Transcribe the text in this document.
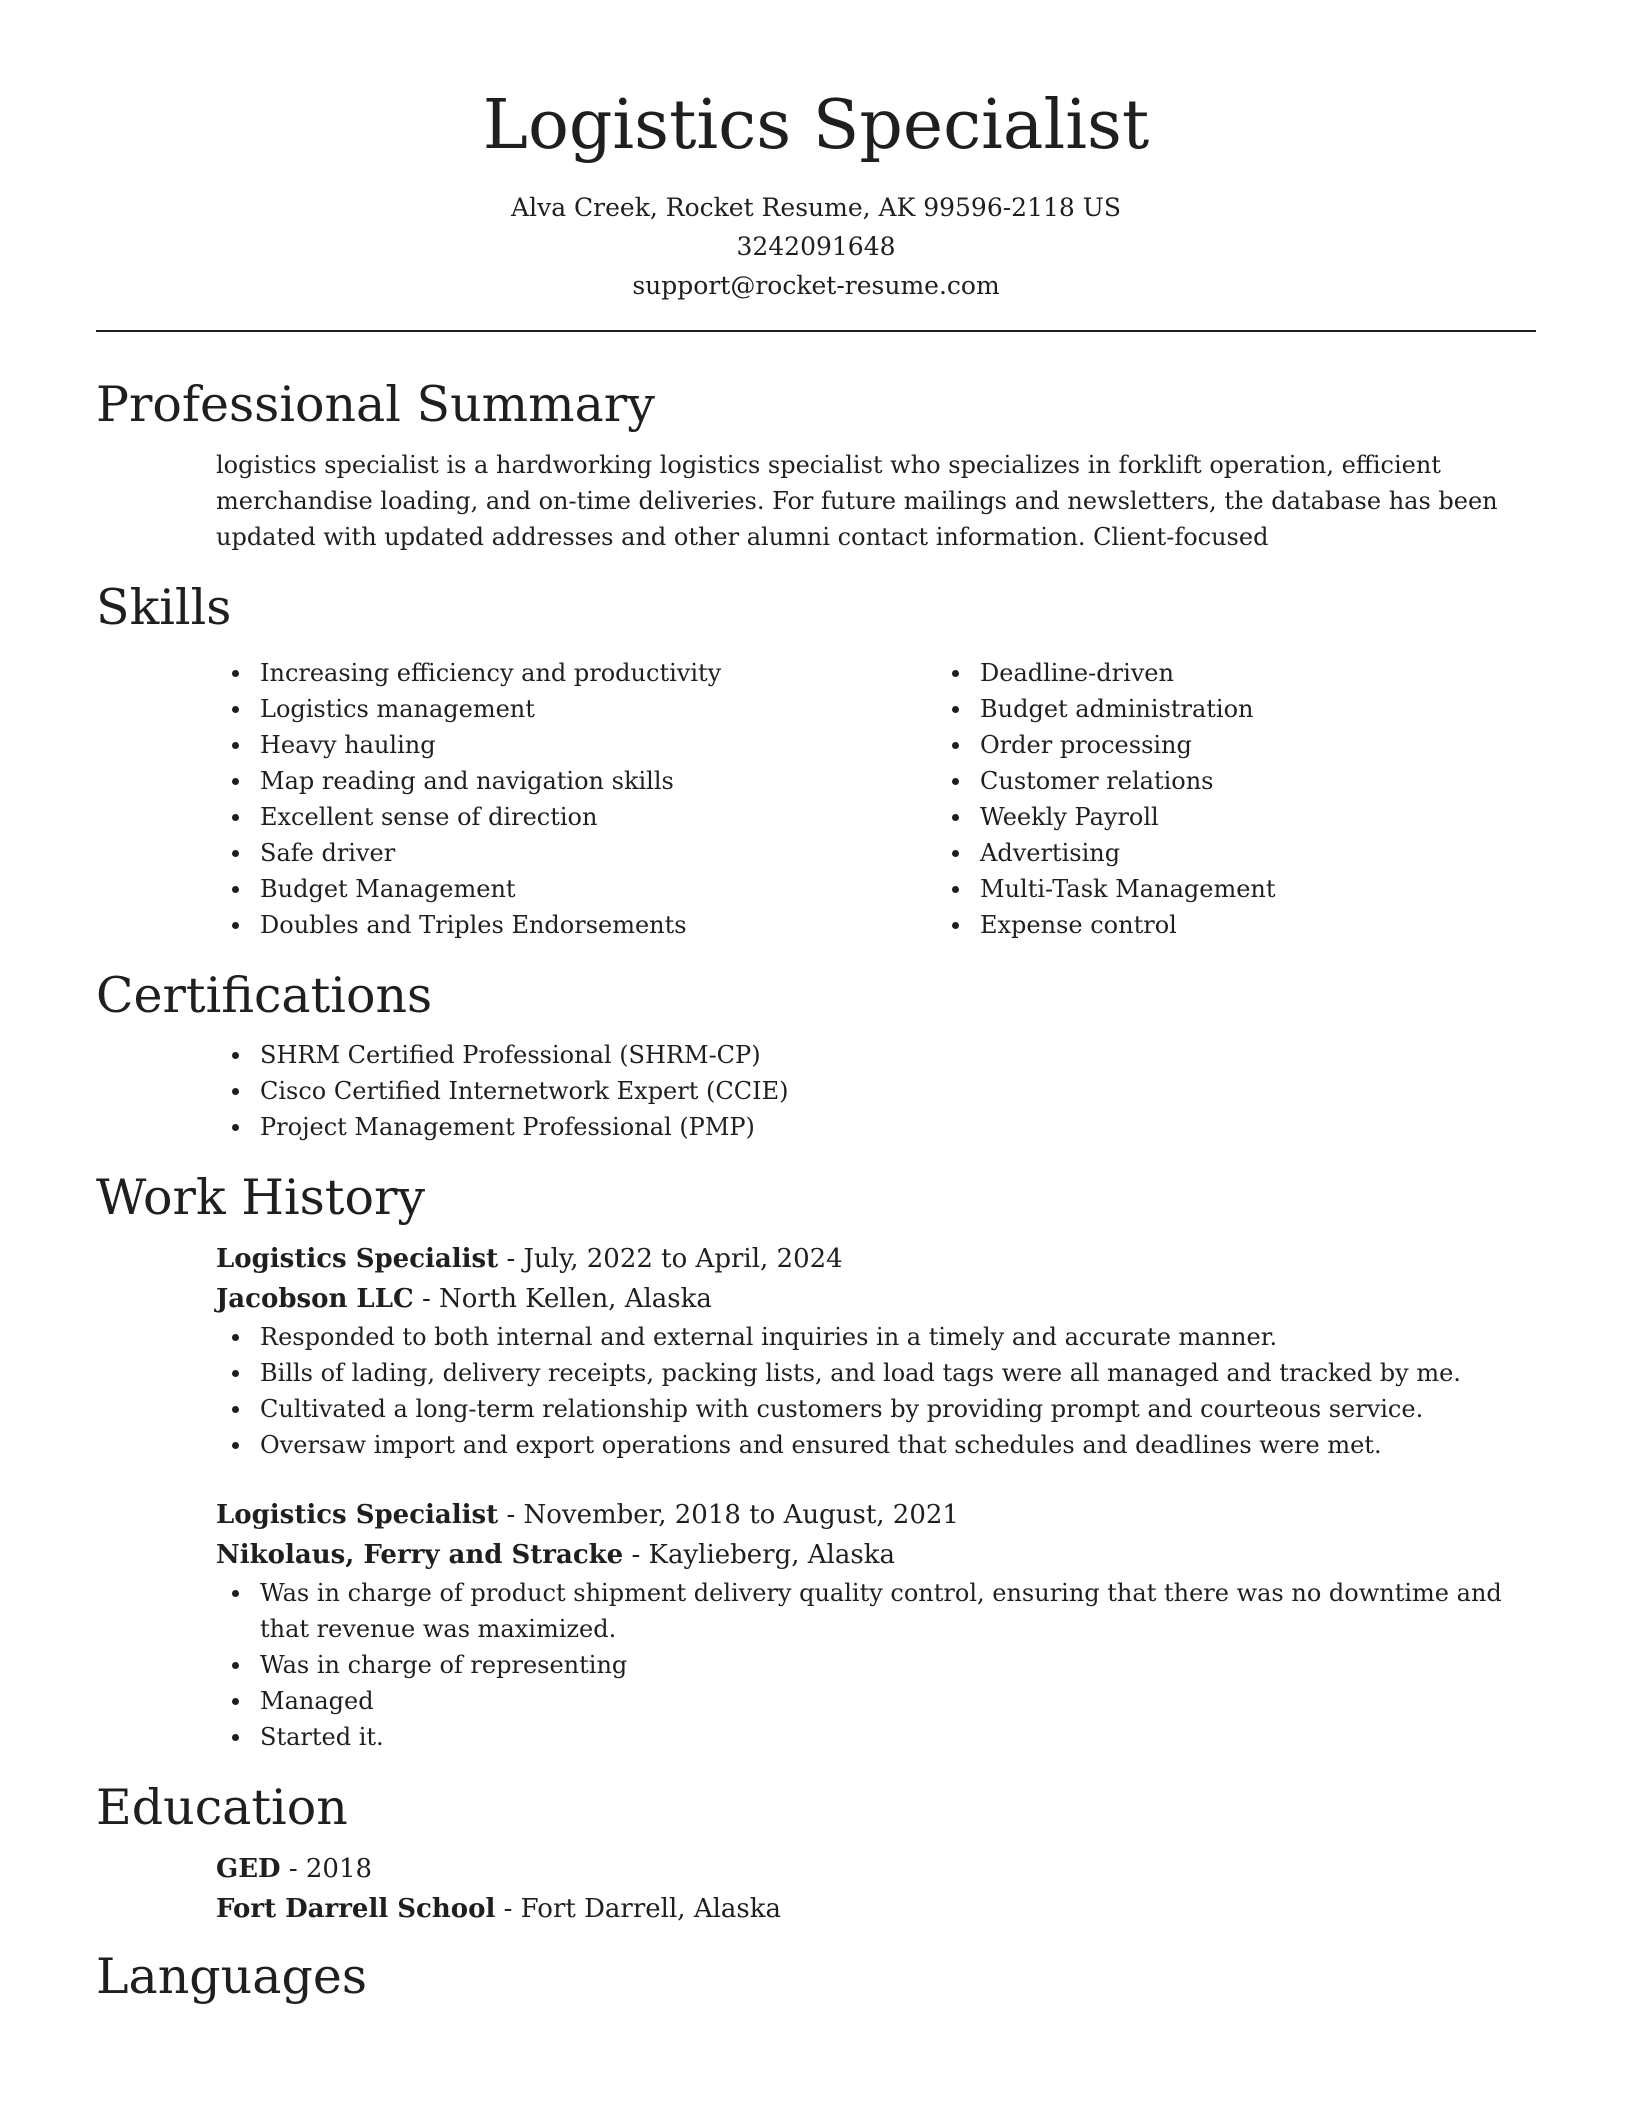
Logistics Specialist
Alva Creek, Rocket Resume, AK 99596-2118 US
3242091648
support@rocket-resume.com
Professional Summary

logistics specialist is a hardworking logistics specialist who specializes in forklift operation, efficient merchandise loading, and on-time deliveries. For future mailings and newsletters, the database has been updated with updated addresses and other alumni contact information. Client-focused

Skills
Increasing efficiency and productivity
Logistics management
Heavy hauling
Map reading and navigation skills
Excellent sense of direction
Safe driver
Budget Management
Doubles and Triples Endorsements
Deadline-driven
Budget administration
Order processing
Customer relations
Weekly Payroll
Advertising
Multi-Task Management
Expense control
Certifications
SHRM Certified Professional (SHRM-CP)
Cisco Certified Internetwork Expert (CCIE)
Project Management Professional (PMP)
Work History
Logistics Specialist - July, 2022 to April, 2024
Jacobson LLC - North Kellen, Alaska
Responded to both internal and external inquiries in a timely and accurate manner.
Bills of lading, delivery receipts, packing lists, and load tags were all managed and tracked by me.
Cultivated a long-term relationship with customers by providing prompt and courteous service.
Oversaw import and export operations and ensured that schedules and deadlines were met.
Logistics Specialist - November, 2018 to August, 2021
Nikolaus, Ferry and Stracke - Kaylieberg, Alaska
Was in charge of product shipment delivery quality control, ensuring that there was no downtime and that revenue was maximized.
Was in charge of representing
Managed
Started it.
Education
GED - 2018
Fort Darrell School - Fort Darrell, Alaska
Languages
